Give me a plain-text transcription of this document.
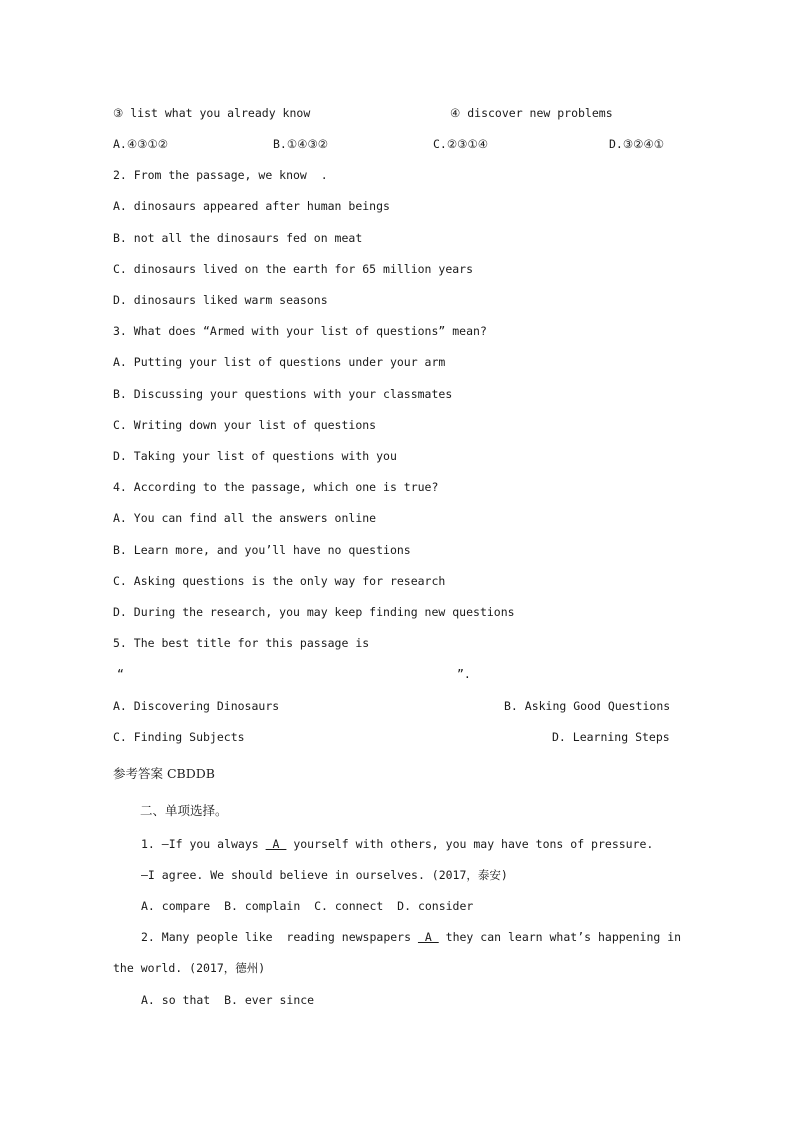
③ list what you already know	④ discover new problems
A.④③①②	B.①④③②	C.②③①④	D.③②④①
2. From the passage, we know  .
A. dinosaurs appeared after human beings
B. not all the dinosaurs fed on meat
C. dinosaurs lived on the earth for 65 million years
D. dinosaurs liked warm seasons
3. What does “Armed with your list of questions” mean?
A. Putting your list of questions under your arm
B. Discussing your questions with your classmates
C. Writing down your list of questions
D. Taking your list of questions with you
4. According to the passage, which one is true?
A. You can find all the answers online
B. Learn more, and you’ll have no questions
C. Asking questions is the only way for research
D. During the research, you may keep finding new questions
5. The best title for this passage is
“	”.
A. Discovering Dinosaurs	B. Asking Good Questions
C. Finding Subjects	D. Learning Steps
参考答案 CBDDB
二、单项选择。
1. —If you always  A  yourself with others, you may have tons of pressure.
—I agree. We should believe in ourselves. (2017，泰安)
A. compare  B. complain  C. connect  D. consider
2. Many people like  reading newspapers  A  they can learn what’s happening in
the world. (2017，德州)
A. so that  B. ever since
